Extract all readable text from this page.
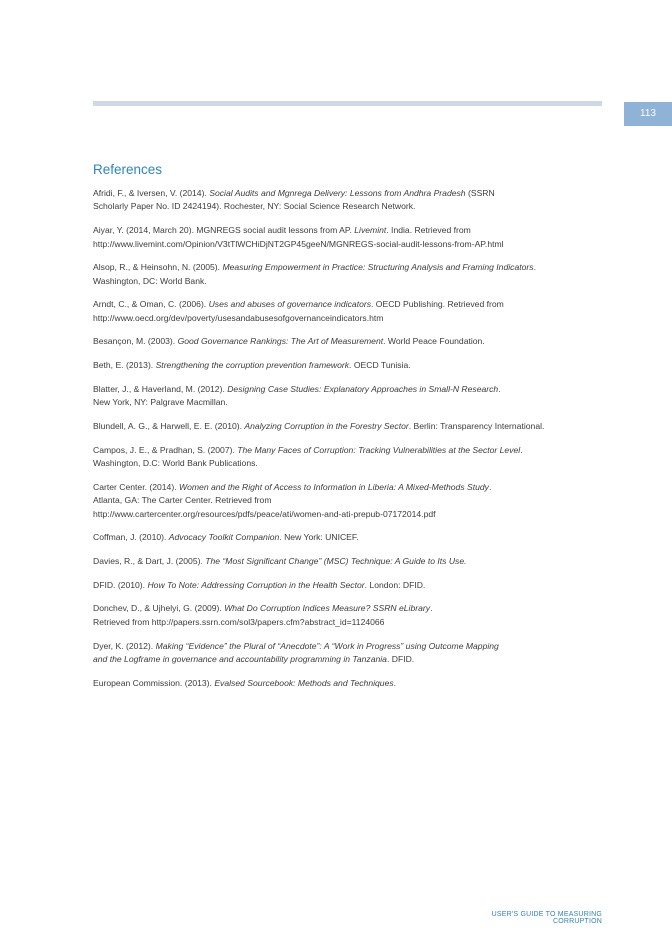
113
References

Afridi, F., & Iversen, V. (2014). Social Audits and Mgnrega Delivery: Lessons from Andhra Pradesh (SSRN
Scholarly Paper No. ID 2424194). Rochester, NY: Social Science Research Network.

Aiyar, Y. (2014, March 20). MGNREGS social audit lessons from AP. Livemint. India. Retrieved from
http://www.livemint.com/Opinion/V3tTlWCHiDjNT2GP45geeN/MGNREGS-social-audit-lessons-from-AP.html

Alsop, R., & Heinsohn, N. (2005). Measuring Empowerment in Practice: Structuring Analysis and Framing Indicators.
Washington, DC: World Bank.

Arndt, C., & Oman, C. (2006). Uses and abuses of governance indicators. OECD Publishing. Retrieved from
http://www.oecd.org/dev/poverty/usesandabusesofgovernanceindicators.htm

Besançon, M. (2003). Good Governance Rankings: The Art of Measurement. World Peace Foundation.

Beth, E. (2013). Strengthening the corruption prevention framework. OECD Tunisia.

Blatter, J., & Haverland, M. (2012). Designing Case Studies: Explanatory Approaches in Small-N Research.
New York, NY: Palgrave Macmillan.

Blundell, A. G., & Harwell, E. E. (2010). Analyzing Corruption in the Forestry Sector. Berlin: Transparency International.

Campos, J. E., & Pradhan, S. (2007). The Many Faces of Corruption: Tracking Vulnerabilities at the Sector Level.
Washington, D.C: World Bank Publications.

Carter Center. (2014). Women and the Right of Access to Information in Liberia: A Mixed-Methods Study.
Atlanta, GA: The Carter Center. Retrieved from
http://www.cartercenter.org/resources/pdfs/peace/ati/women-and-ati-prepub-07172014.pdf

Coffman, J. (2010). Advocacy Toolkit Companion. New York: UNICEF.

Davies, R., & Dart, J. (2005). The “Most Significant Change” (MSC) Technique: A Guide to Its Use.

DFID. (2010). How To Note: Addressing Corruption in the Health Sector. London: DFID.

Donchev, D., & Ujhelyi, G. (2009). What Do Corruption Indices Measure? SSRN eLibrary.
Retrieved from http://papers.ssrn.com/sol3/papers.cfm?abstract_id=1124066

Dyer, K. (2012). Making “Evidence” the Plural of “Anecdote”: A “Work in Progress” using Outcome Mapping
and the Logframe in governance and accountability programming in Tanzania. DFID.

European Commission. (2013). Evalsed Sourcebook: Methods and Techniques.

USER'S GUIDE TO MEASURING CORRUPTION
